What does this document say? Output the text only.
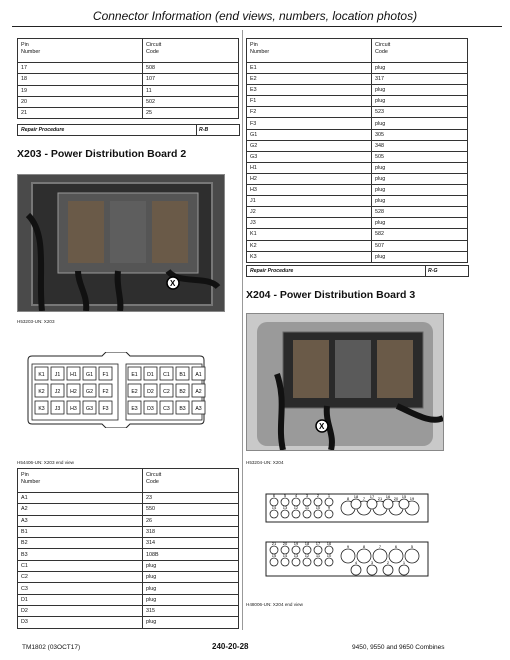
Connector Information (end views, numbers, location photos)
Pin
Number	Circuit
Code
17	508
18	107
19	11
20	502
21	25
Repair Procedure	R-B
X203 - Power Distribution Board 2
X
H53203-UN: X203
K1 J1 H1 G1 F1
K2 J2 H2 G2 F2
K3 J3 H3 G3 F3
E1 D1 C1 B1 A1
E2 D2 C2 B2 A2
E3 D3 C3 B3 A3
H54406-UN: X203 end view
Pin
Number	Circuit
Code
A1	23
A2	550
A3	26
B1	318
B2	314
B3	108B
C1	plug
C2	plug
C3	plug
D1	plug
D2	315
D3	plug
Pin
Number	Circuit
Code
E1	plug
E2	317
E3	plug
F1	plug
F2	523
F3	plug
G1	305
G2	348
G3	505
H1	plug
H2	plug
H3	plug
J1	plug
J2	528
J3	plug
K1	582
K2	507
K3	plug
Repair Procedure	R-G
X204 - Power Distribution Board 3
X
H53204-UN: X204
6 5 4 3 2 1
14 13 12 11 10 9
8	7	21	20	19
18	17	16	15
21 20 19 18 17 16
15 14 13 12 11 10
9	8	7	6	5
4	3	2	1
H48006-UN: X204 end view
TM1802 (03OCT17)	240-20-28	9450, 9550 and 9650 Combines
